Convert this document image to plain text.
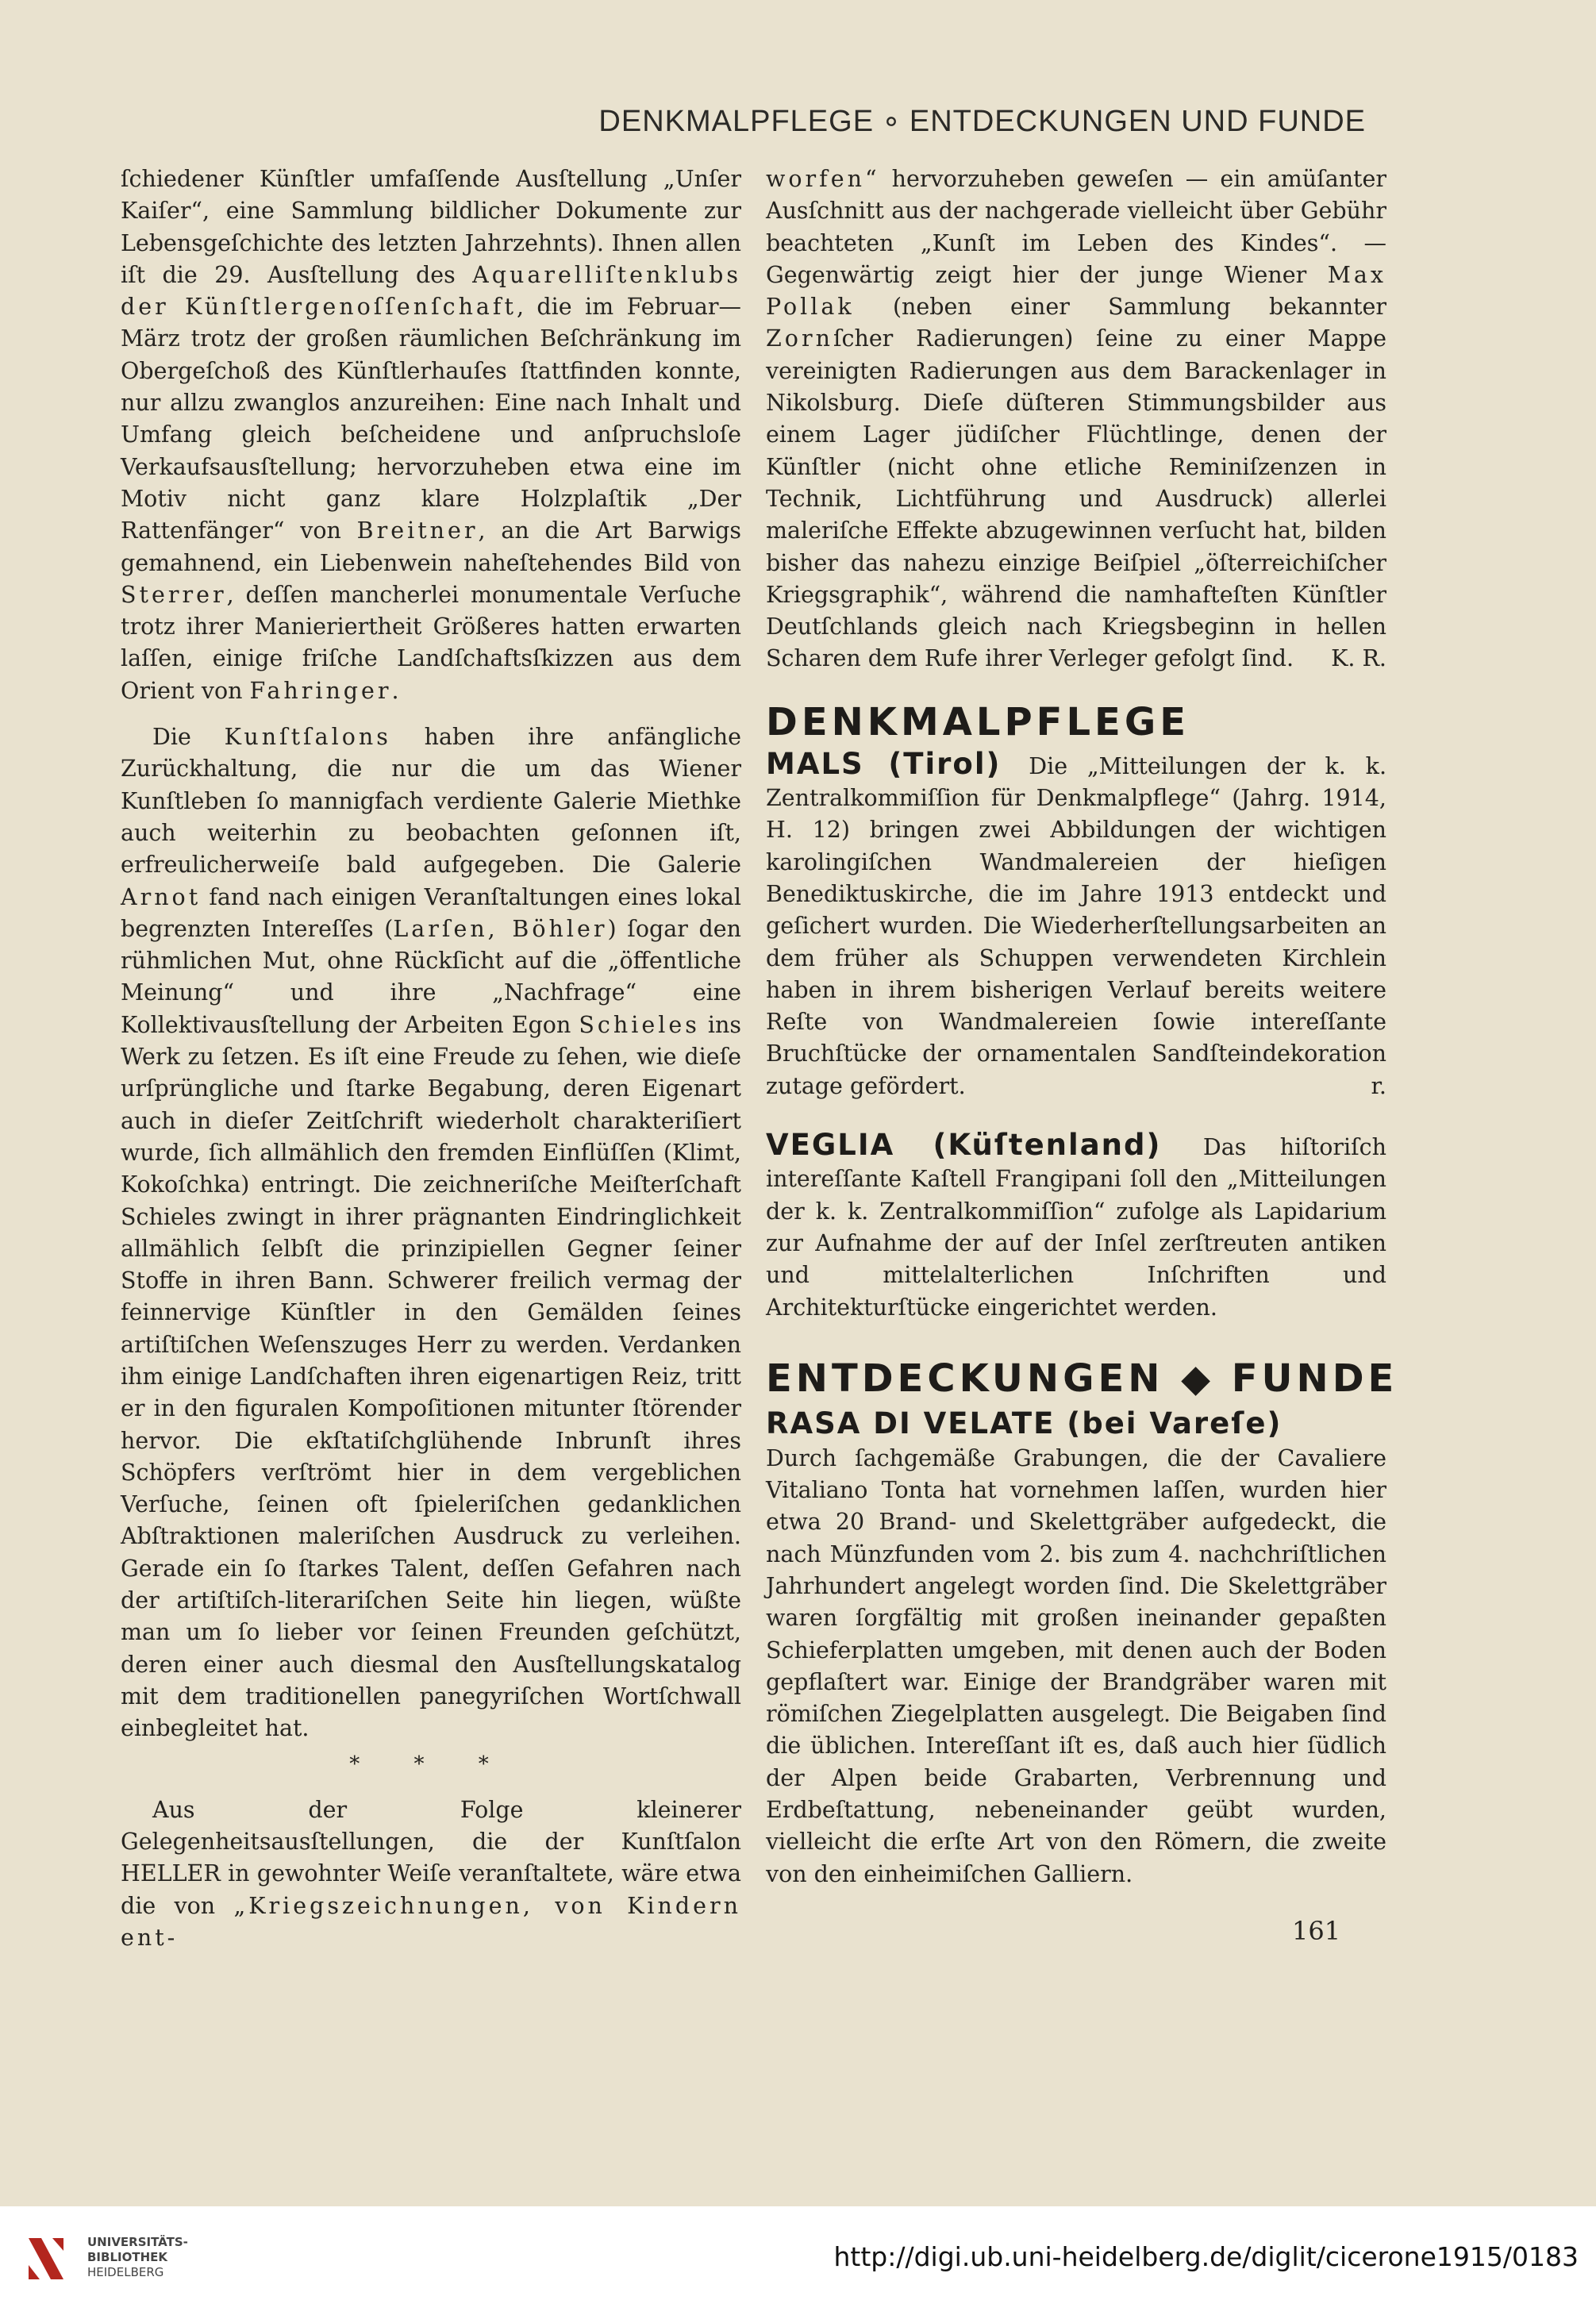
DENKMALPFLEGE ∘ ENTDECKUNGEN UND FUNDE

ſchiedener Künſtler umfaſſende Ausſtellung „Unſer Kaiſer“, eine Sammlung bildlicher Dokumente zur Lebensgeſchichte des letzten Jahrzehnts). Ihnen allen iſt die 29. Ausſtellung des Aquarelliſtenklubs der Künſtlergenoſſenſchaft, die im Februar—März trotz der großen räumlichen Beſchränkung im Obergeſchoß des Künſtlerhauſes ſtattfinden konnte, nur allzu zwanglos anzureihen: Eine nach Inhalt und Umfang gleich beſcheidene und anſpruchsloſe Verkaufsausſtellung; hervorzuheben etwa eine im Motiv nicht ganz klare Holzplaſtik „Der Rattenfänger“ von Breitner, an die Art Barwigs gemahnend, ein Liebenwein naheſtehendes Bild von Sterrer, deſſen mancherlei monumentale Verſuche trotz ihrer Manieriertheit Größeres hatten erwarten laſſen, einige friſche Landſchaftsſkizzen aus dem Orient von Fahringer.

Die Kunſtſalons haben ihre anfängliche Zurückhaltung, die nur die um das Wiener Kunſtleben ſo mannigfach verdiente Galerie Miethke auch weiterhin zu beobachten geſonnen iſt, erfreulicherweiſe bald aufgegeben. Die Galerie Arnot fand nach einigen Veranſtaltungen eines lokal begrenzten Intereſſes (Larſen, Böhler) ſogar den rühmlichen Mut, ohne Rückſicht auf die „öffentliche Meinung“ und ihre „Nachfrage“ eine Kollektivausſtellung der Arbeiten Egon Schieles ins Werk zu ſetzen. Es iſt eine Freude zu ſehen, wie dieſe urſprüngliche und ſtarke Begabung, deren Eigenart auch in dieſer Zeitſchrift wiederholt charakteriſiert wurde, ſich allmählich den fremden Einflüſſen (Klimt, Kokoſchka) entringt. Die zeichneriſche Meiſterſchaft Schieles zwingt in ihrer prägnanten Eindringlichkeit allmählich ſelbſt die prinzipiellen Gegner ſeiner Stoffe in ihren Bann. Schwerer freilich vermag der feinnervige Künſtler in den Gemälden ſeines artiſtiſchen Weſenszuges Herr zu werden. Verdanken ihm einige Landſchaften ihren eigenartigen Reiz, tritt er in den figuralen Kompoſitionen mitunter ſtörender hervor. Die ekſtatiſchglühende Inbrunſt ihres Schöpfers verſtrömt hier in dem vergeblichen Verſuche, ſeinen oft ſpieleriſchen gedanklichen Abſtraktionen maleriſchen Ausdruck zu verleihen. Gerade ein ſo ſtarkes Talent, deſſen Gefahren nach der artiſtiſch-literariſchen Seite hin liegen, wüßte man um ſo lieber vor ſeinen Freunden geſchützt, deren einer auch diesmal den Ausſtellungskatalog mit dem traditionellen panegyriſchen Wortſchwall einbegleitet hat.

* * *

Aus der Folge kleinerer Gelegenheitsausſtellungen, die der Kunſtſalon HELLER in gewohnter Weiſe veranſtaltete, wäre etwa die von „Kriegszeichnungen, von Kindern ent-

worfen“ hervorzuheben geweſen — ein amüſanter Ausſchnitt aus der nachgerade vielleicht über Gebühr beachteten „Kunſt im Leben des Kindes“. — Gegenwärtig zeigt hier der junge Wiener Max Pollak (neben einer Sammlung bekannter Zornſcher Radierungen) ſeine zu einer Mappe vereinigten Radierungen aus dem Barackenlager in Nikolsburg. Dieſe düſteren Stimmungsbilder aus einem Lager jüdiſcher Flüchtlinge, denen der Künſtler (nicht ohne etliche Reminiſzenzen in Technik, Lichtführung und Ausdruck) allerlei maleriſche Effekte abzugewinnen verſucht hat, bilden bisher das nahezu einzige Beiſpiel „öſterreichiſcher Kriegsgraphik“, während die namhafteſten Künſtler Deutſchlands gleich nach Kriegsbeginn in hellen Scharen dem Rufe ihrer Verleger gefolgt ſind. K. R.

DENKMALPFLEGE

MALS (Tirol) Die „Mitteilungen der k. k. Zentralkommiſſion für Denkmalpflege“ (Jahrg. 1914, H. 12) bringen zwei Abbildungen der wichtigen karolingiſchen Wandmalereien der hieſigen Benediktuskirche, die im Jahre 1913 entdeckt und geſichert wurden. Die Wiederherſtellungsarbeiten an dem früher als Schuppen verwendeten Kirchlein haben in ihrem bisherigen Verlauf bereits weitere Reſte von Wandmalereien ſowie intereſſante Bruchſtücke der ornamentalen Sandſteindekoration zutage gefördert.	r.

VEGLIA (Küſtenland) Das hiſtoriſch intereſſante Kaſtell Frangipani ſoll den „Mitteilungen der k. k. Zentralkommiſſion“ zufolge als Lapidarium zur Aufnahme der auf der Inſel zerſtreuten antiken und mittelalterlichen Inſchriften und Architekturſtücke eingerichtet werden.

ENTDECKUNGEN ◆ FUNDE

RASA DI VELATE (bei Vareſe)
Durch ſachgemäße Grabungen, die der Cavaliere Vitaliano Tonta hat vornehmen laſſen, wurden hier etwa 20 Brand- und Skelettgräber aufgedeckt, die nach Münzfunden vom 2. bis zum 4. nachchriſtlichen Jahrhundert angelegt worden ſind. Die Skelettgräber waren ſorgfältig mit großen ineinander gepaßten Schieferplatten umgeben, mit denen auch der Boden gepflaſtert war. Einige der Brandgräber waren mit römiſchen Ziegelplatten ausgelegt. Die Beigaben ſind die üblichen. Intereſſant iſt es, daß auch hier ſüdlich der Alpen beide Grabarten, Verbrennung und Erdbeſtattung, nebeneinander geübt wurden, vielleicht die erſte Art von den Römern, die zweite von den einheimiſchen Galliern.

161
UNIVERSITÄTS-
BIBLIOTHEK
HEIDELBERG	http://digi.ub.uni-heidelberg.de/diglit/cicerone1915/0183
